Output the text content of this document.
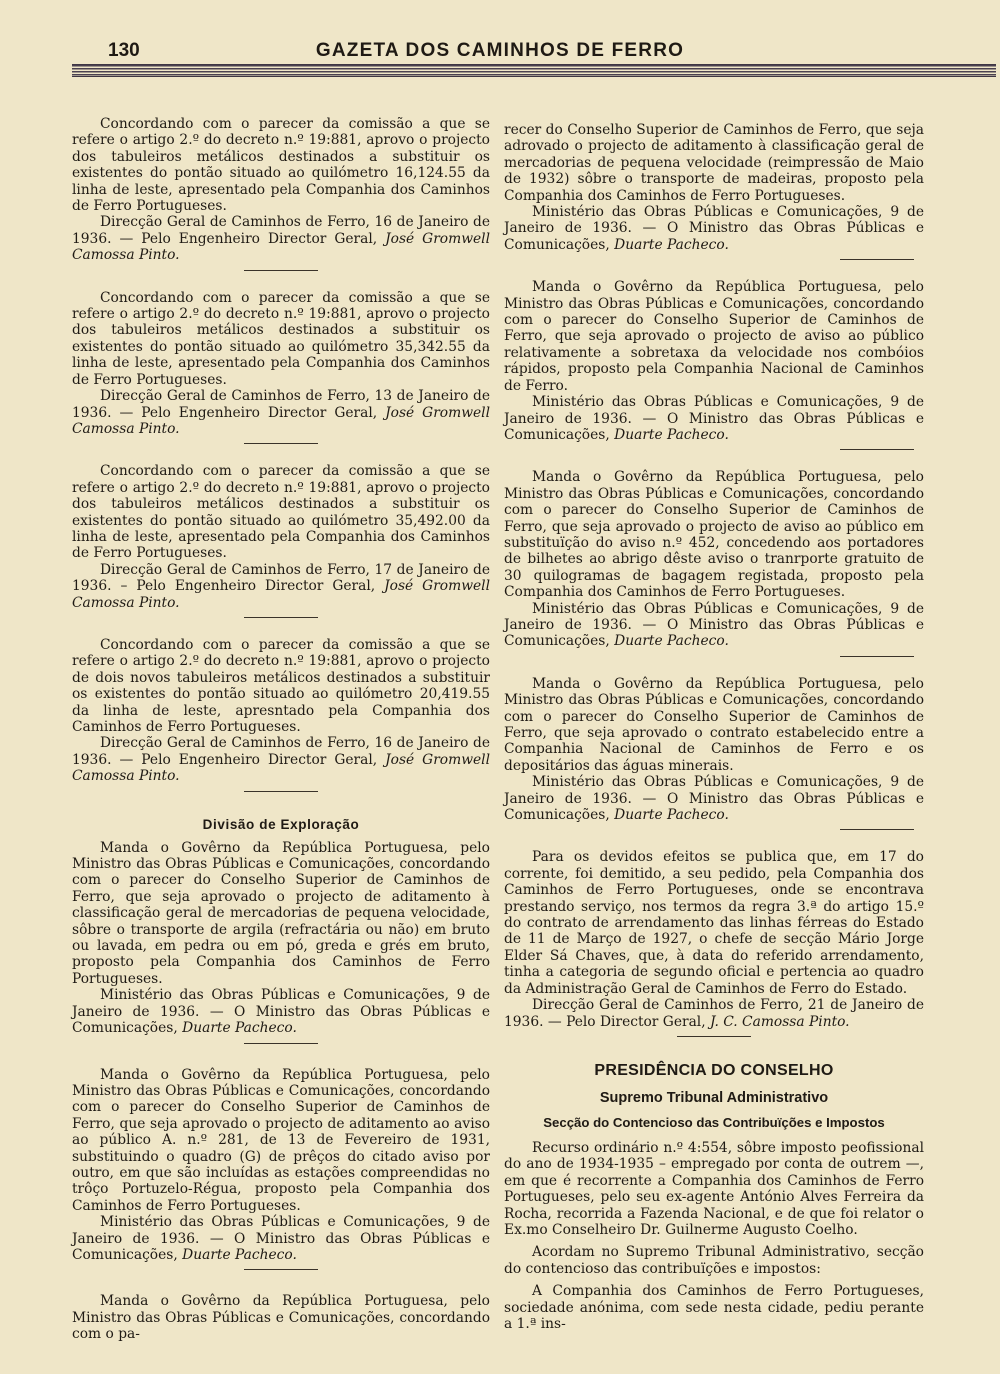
130	GAZETA DOS CAMINHOS DE FERRO

Concordando com o parecer da comissão a que se refere o artigo 2.º do decreto n.º 19:881, aprovo o projecto dos tabuleiros metálicos destinados a substituir os existentes do pontão situado ao quilómetro 16,124.55 da linha de leste, apresentado pela Companhia dos Caminhos de Ferro Portugueses.

Direcção Geral de Caminhos de Ferro, 16 de Janeiro de 1936. — Pelo Engenheiro Director Geral, José Gromwell Camossa Pinto.

Concordando com o parecer da comissão a que se refere o artigo 2.º do decreto n.º 19:881, aprovo o projecto dos tabuleiros metálicos destinados a substituir os existentes do pontão situado ao quilómetro 35,342.55 da linha de leste, apresentado pela Companhia dos Caminhos de Ferro Portugueses.

Direcção Geral de Caminhos de Ferro, 13 de Janeiro de 1936. — Pelo Engenheiro Director Geral, José Gromwell Camossa Pinto.

Concordando com o parecer da comissão a que se refere o artigo 2.º do decreto n.º 19:881, aprovo o projecto dos tabuleiros metálicos destinados a substituir os existentes do pontão situado ao quilómetro 35,492.00 da linha de leste, apresentado pela Companhia dos Caminhos de Ferro Portugueses.

Direcção Geral de Caminhos de Ferro, 17 de Janeiro de 1936. – Pelo Engenheiro Director Geral, José Gromwell Camossa Pinto.

Concordando com o parecer da comissão a que se refere o artigo 2.º do decreto n.º 19:881, aprovo o projecto de dois novos tabuleiros metálicos destinados a substituir os existentes do pontão situado ao quilómetro 20,419.55 da linha de leste, apresntado pela Companhia dos Caminhos de Ferro Portugueses.

Direcção Geral de Caminhos de Ferro, 16 de Janeiro de 1936. — Pelo Engenheiro Director Geral, José Gromwell Camossa Pinto.

Divisão de Exploração

Manda o Govêrno da República Portuguesa, pelo Ministro das Obras Públicas e Comunicações, concordando com o parecer do Conselho Superior de Caminhos de Ferro, que seja aprovado o projecto de aditamento à classificação geral de mercadorias de pequena velocidade, sôbre o transporte de argila (refractária ou não) em bruto ou lavada, em pedra ou em pó, greda e grés em bruto, proposto pela Companhia dos Caminhos de Ferro Portugueses.

Ministério das Obras Públicas e Comunicações, 9 de Janeiro de 1936. — O Ministro das Obras Públicas e Comunicações, Duarte Pacheco.

Manda o Govêrno da República Portuguesa, pelo Ministro das Obras Públicas e Comunicações, concordando com o parecer do Conselho Superior de Caminhos de Ferro, que seja aprovado o projecto de aditamento ao aviso ao público A. n.º 281, de 13 de Fevereiro de 1931, substituindo o quadro (G) de prêços do citado aviso por outro, em que são incluídas as estações compreendidas no trôço Portuzelo-Régua, proposto pela Companhia dos Caminhos de Ferro Portugueses.

Ministério das Obras Públicas e Comunicações, 9 de Janeiro de 1936. — O Ministro das Obras Públicas e Comunicações, Duarte Pacheco.

Manda o Govêrno da República Portuguesa, pelo Ministro das Obras Públicas e Comunicações, concordando com o pa-

recer do Conselho Superior de Caminhos de Ferro, que seja adrovado o projecto de aditamento à classificação geral de mercadorias de pequena velocidade (reimpressão de Maio de 1932) sôbre o transporte de madeiras, proposto pela Companhia dos Caminhos de Ferro Portugueses.

Ministério das Obras Públicas e Comunicações, 9 de Janeiro de 1936. — O Ministro das Obras Públicas e Comunicações, Duarte Pacheco.

Manda o Govêrno da República Portuguesa, pelo Ministro das Obras Públicas e Comunicações, concordando com o parecer do Conselho Superior de Caminhos de Ferro, que seja aprovado o projecto de aviso ao público relativamente a sobretaxa da velocidade nos combóios rápidos, proposto pela Companhia Nacional de Caminhos de Ferro.

Ministério das Obras Públicas e Comunicações, 9 de Janeiro de 1936. — O Ministro das Obras Públicas e Comunicações, Duarte Pacheco.

Manda o Govêrno da República Portuguesa, pelo Ministro das Obras Públicas e Comunicações, concordando com o parecer do Conselho Superior de Caminhos de Ferro, que seja aprovado o projecto de aviso ao público em substituïção do aviso n.º 452, concedendo aos portadores de bilhetes ao abrigo dêste aviso o tranrporte gratuito de 30 quilogramas de bagagem registada, proposto pela Companhia dos Caminhos de Ferro Portugueses.

Ministério das Obras Públicas e Comunicações, 9 de Janeiro de 1936. — O Ministro das Obras Públicas e Comunicações, Duarte Pacheco.

Manda o Govêrno da República Portuguesa, pelo Ministro das Obras Públicas e Comunicações, concordando com o parecer do Conselho Superior de Caminhos de Ferro, que seja aprovado o contrato estabelecido entre a Companhia Nacional de Caminhos de Ferro e os depositários das águas minerais.

Ministério das Obras Públicas e Comunicações, 9 de Janeiro de 1936. — O Ministro das Obras Públicas e Comunicações, Duarte Pacheco.

Para os devidos efeitos se publica que, em 17 do corrente, foi demitido, a seu pedido, pela Companhia dos Caminhos de Ferro Portugueses, onde se encontrava prestando serviço, nos termos da regra 3.ª do artigo 15.º do contrato de arrendamento das linhas férreas do Estado de 11 de Março de 1927, o chefe de secção Mário Jorge Elder Sá Chaves, que, à data do referido arrendamento, tinha a categoria de segundo oficial e pertencia ao quadro da Administração Geral de Caminhos de Ferro do Estado.

Direcção Geral de Caminhos de Ferro, 21 de Janeiro de 1936. — Pelo Director Geral, J. C. Camossa Pinto.

PRESIDÊNCIA DO CONSELHO
Supremo Tribunal Administrativo
Secção do Contencioso das Contribuïções e Impostos

Recurso ordinário n.º 4:554, sôbre imposto peofissional do ano de 1934-1935 – empregado por conta de outrem —, em que é recorrente a Companhia dos Caminhos de Ferro Portugueses, pelo seu ex-agente António Alves Ferreira da Rocha, recorrida a Fazenda Nacional, e de que foi relator o Ex.mo Conselheiro Dr. Guilnerme Augusto Coelho.

Acordam no Supremo Tribunal Administrativo, secção do contencioso das contribuïções e impostos:

A Companhia dos Caminhos de Ferro Portugueses, sociedade anónima, com sede nesta cidade, pediu perante a 1.ª ins-
